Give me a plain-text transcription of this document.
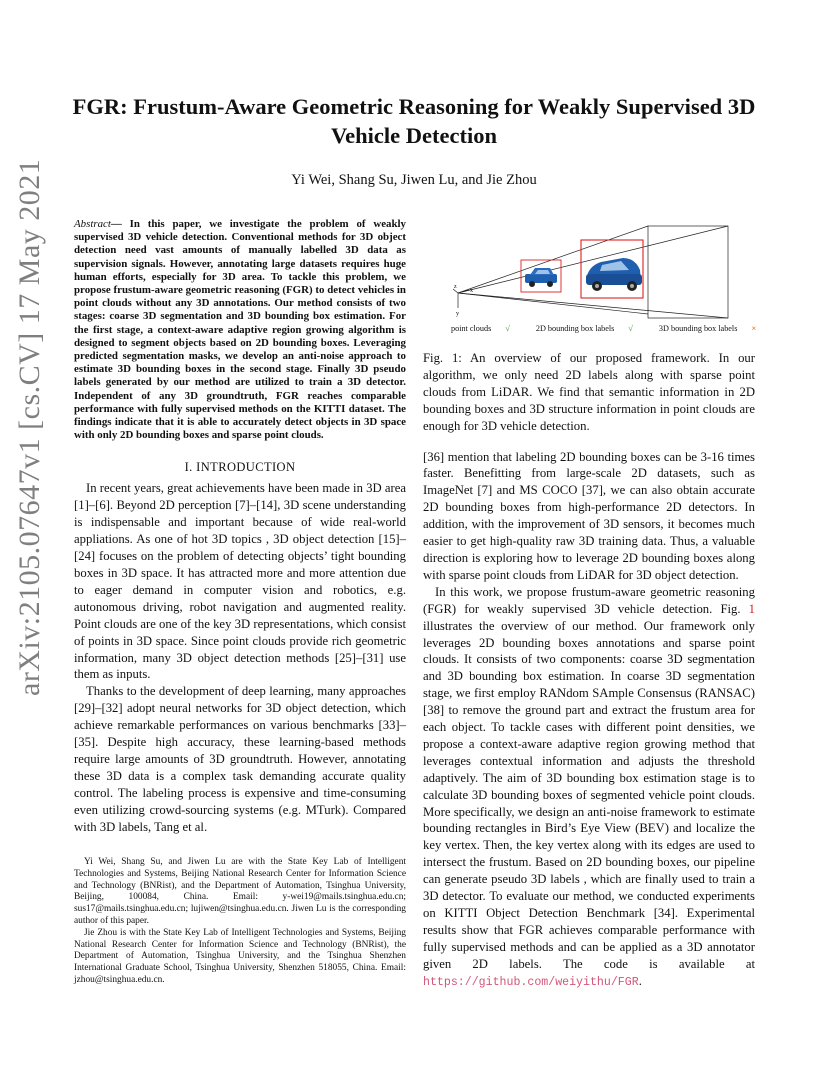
arXiv:2105.07647v1 [cs.CV] 17 May 2021
FGR: Frustum-Aware Geometric Reasoning for Weakly Supervised 3D
Vehicle Detection
Yi Wei, Shang Su, Jiwen Lu, and Jie Zhou

Abstract— In this paper, we investigate the problem of weakly supervised 3D vehicle detection. Conventional methods for 3D object detection need vast amounts of manually labelled 3D data as supervision signals. However, annotating large datasets requires huge human efforts, especially for 3D area. To tackle this problem, we propose frustum-aware geometric reasoning (FGR) to detect vehicles in point clouds without any 3D annotations. Our method consists of two stages: coarse 3D segmentation and 3D bounding box estimation. For the first stage, a context-aware adaptive region growing algorithm is designed to segment objects based on 2D bounding boxes. Leveraging predicted segmentation masks, we develop an anti-noise approach to estimate 3D bounding boxes in the second stage. Finally 3D pseudo labels generated by our method are utilized to train a 3D detector. Independent of any 3D groundtruth, FGR reaches comparable performance with fully supervised methods on the KITTI dataset. The findings indicate that it is able to accurately detect objects in 3D space with only 2D bounding boxes and sparse point clouds.

I. INTRODUCTION

In recent years, great achievements have been made in 3D area [1]–[6]. Beyond 2D perception [7]–[14], 3D scene understanding is indispensable and important because of wide real-world appliations. As one of hot 3D topics , 3D object detection [15]–[24] focuses on the problem of detecting objects’ tight bounding boxes in 3D space. It has attracted more and more attention due to eager demand in computer vision and robotics, e.g. autonomous driving, robot navigation and augmented reality. Point clouds are one of the key 3D representations, which consist of points in 3D space. Since point clouds provide rich geometric information, many 3D object detection methods [25]–[31] use them as inputs.

Thanks to the development of deep learning, many approaches [29]–[32] adopt neural networks for 3D object detection, which achieve remarkable performances on various benchmarks [33]–[35]. Despite high accuracy, these learning-based methods require large amounts of 3D groundtruth. However, annotating these 3D data is a complex task demanding accurate quality control. The labeling process is expensive and time-consuming even utilizing crowd-sourcing systems (e.g. MTurk). Compared with 3D labels, Tang et al.

Yi Wei, Shang Su, and Jiwen Lu are with the State Key Lab of Intelligent Technologies and Systems, Beijing National Research Center for Information Science and Technology (BNRist), and the Department of Automation, Tsinghua University, Beijing, 100084, China. Email: y-wei19@mails.tsinghua.edu.cn; sus17@mails.tsinghua.edu.cn; lujiwen@tsinghua.edu.cn. Jiwen Lu is the corresponding author of this paper.

Jie Zhou is with the State Key Lab of Intelligent Technologies and Systems, Beijing National Research Center for Information Science and Technology (BNRist), the Department of Automation, Tsinghua University, and the Tsinghua Shenzhen International Graduate School, Tsinghua University, Shenzhen 518055, China. Email: jzhou@tsinghua.edu.cn.

z
x
y
point clouds √	2D bounding box labels √	3D bounding box labels ×

Fig. 1: An overview of our proposed framework. In our algorithm, we only need 2D labels along with sparse point clouds from LiDAR. We find that semantic information in 2D bounding boxes and 3D structure information in point clouds are enough for 3D vehicle detection.

[36] mention that labeling 2D bounding boxes can be 3-16 times faster. Benefitting from large-scale 2D datasets, such as ImageNet [7] and MS COCO [37], we can also obtain accurate 2D bounding boxes from high-performance 2D detectors. In addition, with the improvement of 3D sensors, it becomes much easier to get high-quality raw 3D training data. Thus, a valuable direction is exploring how to leverage 2D bounding boxes along with sparse point clouds from LiDAR for 3D object detection.

In this work, we propose frustum-aware geometric reasoning (FGR) for weakly supervised 3D vehicle detection. Fig. 1 illustrates the overview of our method. Our framework only leverages 2D bounding boxes annotations and sparse point clouds. It consists of two components: coarse 3D segmentation and 3D bounding box estimation. In coarse 3D segmentation stage, we first employ RANdom SAmple Consensus (RANSAC) [38] to remove the ground part and extract the frustum area for each object. To tackle cases with different point densities, we propose a context-aware adaptive region growing method that leverages contextual information and adjusts the threshold adaptively. The aim of 3D bounding box estimation stage is to calculate 3D bounding boxes of segmented vehicle point clouds. More specifically, we design an anti-noise framework to estimate bounding rectangles in Bird’s Eye View (BEV) and localize the key vertex. Then, the key vertex along with its edges are used to intersect the frustum. Based on 2D bounding boxes, our pipeline can generate pseudo 3D labels , which are finally used to train a 3D detector. To evaluate our method, we conducted experiments on KITTI Object Detection Benchmark [34]. Experimental results show that FGR achieves comparable performance with fully supervised methods and can be applied as a 3D annotator given 2D labels. The code is available at https://github.com/weiyithu/FGR.
